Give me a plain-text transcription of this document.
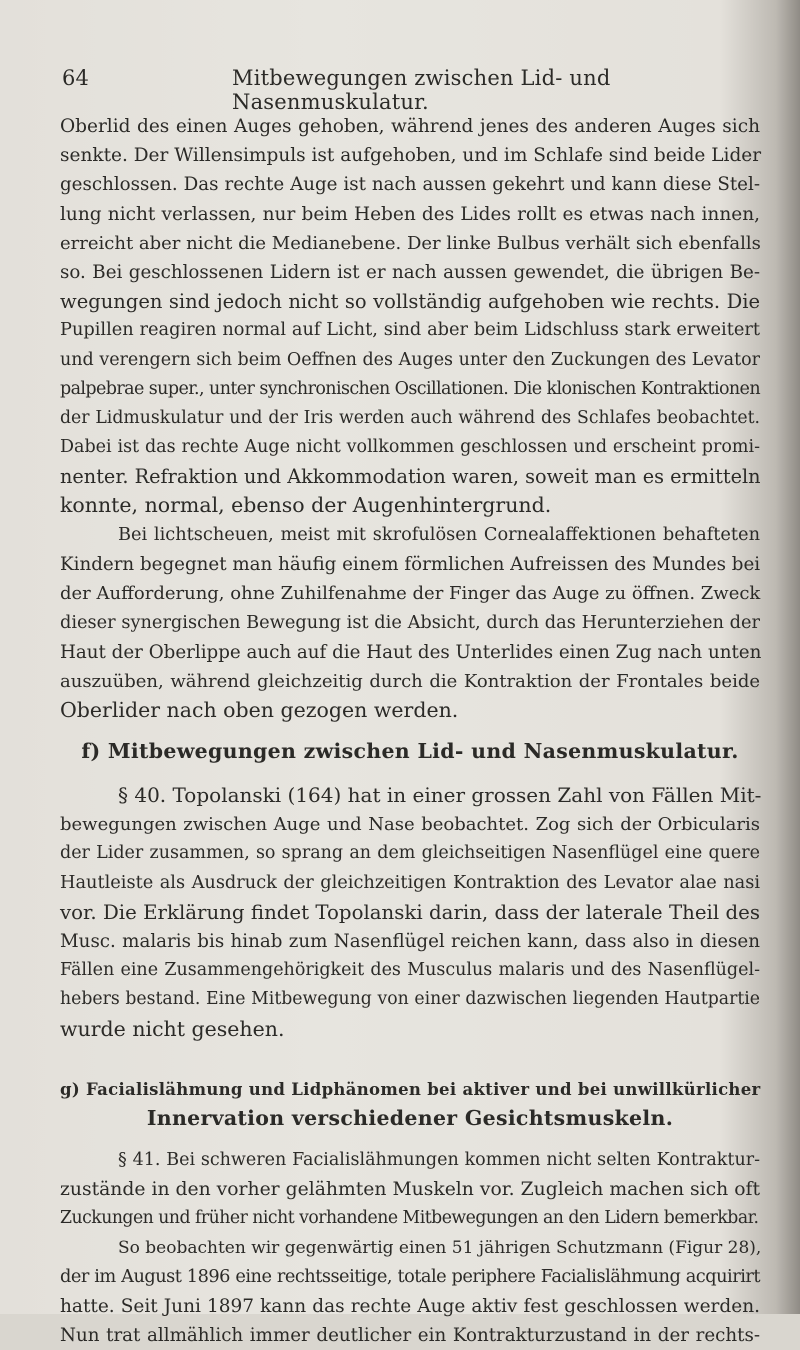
64	Mitbewegungen zwischen Lid- und Nasenmuskulatur.
Oberlid des einen Auges gehoben, während jenes des anderen Auges sich
senkte. Der Willensimpuls ist aufgehoben, und im Schlafe sind beide Lider
geschlossen. Das rechte Auge ist nach aussen gekehrt und kann diese Stel-
lung nicht verlassen, nur beim Heben des Lides rollt es etwas nach innen,
erreicht aber nicht die Medianebene. Der linke Bulbus verhält sich ebenfalls
so. Bei geschlossenen Lidern ist er nach aussen gewendet, die übrigen Be-
wegungen sind jedoch nicht so vollständig aufgehoben wie rechts. Die
Pupillen reagiren normal auf Licht, sind aber beim Lidschluss stark erweitert
und verengern sich beim Oeffnen des Auges unter den Zuckungen des Levator
palpebrae super., unter synchronischen Oscillationen. Die klonischen Kontraktionen
der Lidmuskulatur und der Iris werden auch während des Schlafes beobachtet.
Dabei ist das rechte Auge nicht vollkommen geschlossen und erscheint promi-
nenter. Refraktion und Akkommodation waren, soweit man es ermitteln
konnte, normal, ebenso der Augenhintergrund.
Bei lichtscheuen, meist mit skrofulösen Cornealaffektionen behafteten
Kindern begegnet man häufig einem förmlichen Aufreissen des Mundes bei
der Aufforderung, ohne Zuhilfenahme der Finger das Auge zu öffnen. Zweck
dieser synergischen Bewegung ist die Absicht, durch das Herunterziehen der
Haut der Oberlippe auch auf die Haut des Unterlides einen Zug nach unten
auszuüben, während gleichzeitig durch die Kontraktion der Frontales beide
Oberlider nach oben gezogen werden.
f) Mitbewegungen zwischen Lid- und Nasenmuskulatur.
§ 40. Topolanski (164) hat in einer grossen Zahl von Fällen Mit-
bewegungen zwischen Auge und Nase beobachtet. Zog sich der Orbicularis
der Lider zusammen, so sprang an dem gleichseitigen Nasenflügel eine quere
Hautleiste als Ausdruck der gleichzeitigen Kontraktion des Levator alae nasi
vor. Die Erklärung findet Topolanski darin, dass der laterale Theil des
Musc. malaris bis hinab zum Nasenflügel reichen kann, dass also in diesen
Fällen eine Zusammengehörigkeit des Musculus malaris und des Nasenflügel-
hebers bestand. Eine Mitbewegung von einer dazwischen liegenden Hautpartie
wurde nicht gesehen.
g) Facialislähmung und Lidphänomen bei aktiver und bei unwillkürlicher
Innervation verschiedener Gesichtsmuskeln.
§ 41. Bei schweren Facialislähmungen kommen nicht selten Kontraktur-
zustände in den vorher gelähmten Muskeln vor. Zugleich machen sich oft
Zuckungen und früher nicht vorhandene Mitbewegungen an den Lidern bemerkbar.
So beobachten wir gegenwärtig einen 51 jährigen Schutzmann (Figur 28),
der im August 1896 eine rechtsseitige, totale periphere Facialislähmung acquirirt
hatte. Seit Juni 1897 kann das rechte Auge aktiv fest geschlossen werden.
Nun trat allmählich immer deutlicher ein Kontrakturzustand in der rechts-
